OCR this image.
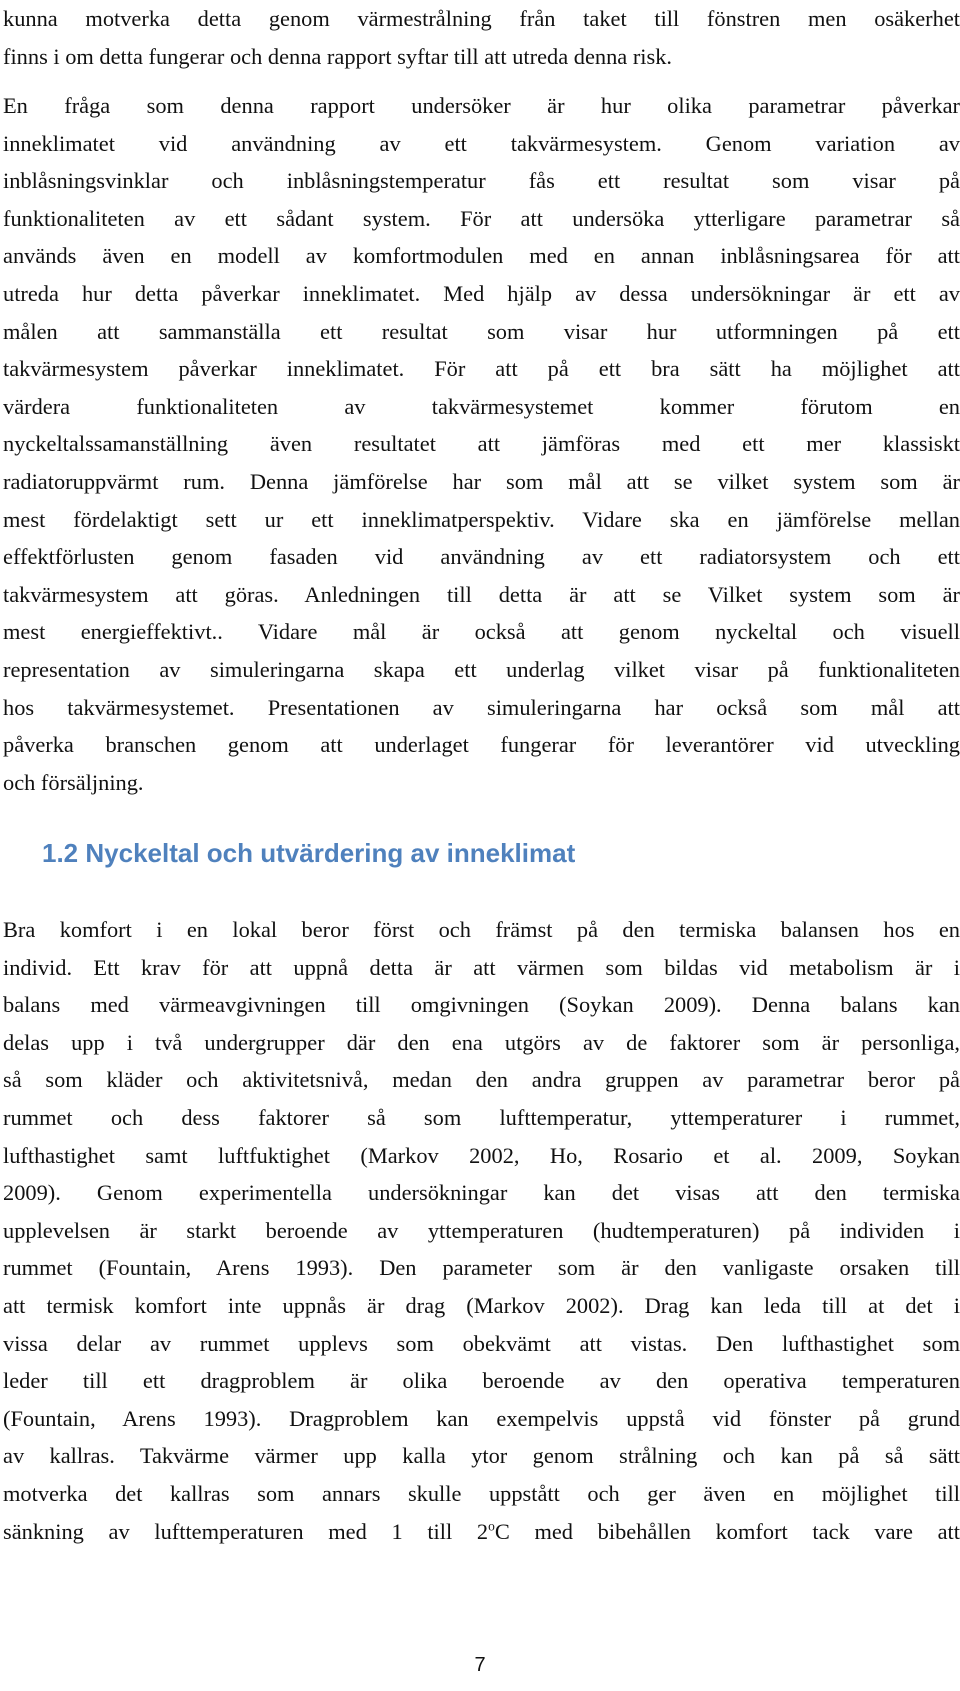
kunna motverka detta genom värmestrålning från taket till fönstren men osäkerhet
finns i om detta fungerar och denna rapport syftar till att utreda denna risk.
En fråga som denna rapport undersöker är hur olika parametrar påverkar
inneklimatet vid användning av ett takvärmesystem. Genom variation av
inblåsningsvinklar och inblåsningstemperatur fås ett resultat som visar på
funktionaliteten av ett sådant system. För att undersöka ytterligare parametrar så
används även en modell av komfortmodulen med en annan inblåsningsarea för att
utreda hur detta påverkar inneklimatet. Med hjälp av dessa undersökningar är ett av
målen att sammanställa ett resultat som visar hur utformningen på ett
takvärmesystem påverkar inneklimatet. För att på ett bra sätt ha möjlighet att
värdera funktionaliteten av takvärmesystemet kommer förutom en
nyckeltalssamanställning även resultatet att jämföras med ett mer klassiskt
radiatoruppvärmt rum. Denna jämförelse har som mål att se vilket system som är
mest fördelaktigt sett ur ett inneklimatperspektiv. Vidare ska en jämförelse mellan
effektförlusten genom fasaden vid användning av ett radiatorsystem och ett
takvärmesystem att göras. Anledningen till detta är att se Vilket system som är
mest energieffektivt.. Vidare mål är också att genom nyckeltal och visuell
representation av simuleringarna skapa ett underlag vilket visar på funktionaliteten
hos takvärmesystemet. Presentationen av simuleringarna har också som mål att
påverka branschen genom att underlaget fungerar för leverantörer vid utveckling
och försäljning.
1.2 Nyckeltal och utvärdering av inneklimat
Bra komfort i en lokal beror först och främst på den termiska balansen hos en
individ. Ett krav för att uppnå detta är att värmen som bildas vid metabolism är i
balans med värmeavgivningen till omgivningen (Soykan 2009). Denna balans kan
delas upp i två undergrupper där den ena utgörs av de faktorer som är personliga,
så som kläder och aktivitetsnivå, medan den andra gruppen av parametrar beror på
rummet och dess faktorer så som lufttemperatur, yttemperaturer i rummet,
lufthastighet samt luftfuktighet (Markov 2002, Ho, Rosario et al. 2009, Soykan
2009). Genom experimentella undersökningar kan det visas att den termiska
upplevelsen är starkt beroende av yttemperaturen (hudtemperaturen) på individen i
rummet (Fountain, Arens 1993). Den parameter som är den vanligaste orsaken till
att termisk komfort inte uppnås är drag (Markov 2002). Drag kan leda till at det i
vissa delar av rummet upplevs som obekvämt att vistas. Den lufthastighet som
leder till ett dragproblem är olika beroende av den operativa temperaturen
(Fountain, Arens 1993). Dragproblem kan exempelvis uppstå vid fönster på grund
av kallras. Takvärme värmer upp kalla ytor genom strålning och kan på så sätt
motverka det kallras som annars skulle uppstått och ger även en möjlighet till
sänkning av lufttemperaturen med 1 till 2$^o$C med bibehållen komfort tack vare att
7
